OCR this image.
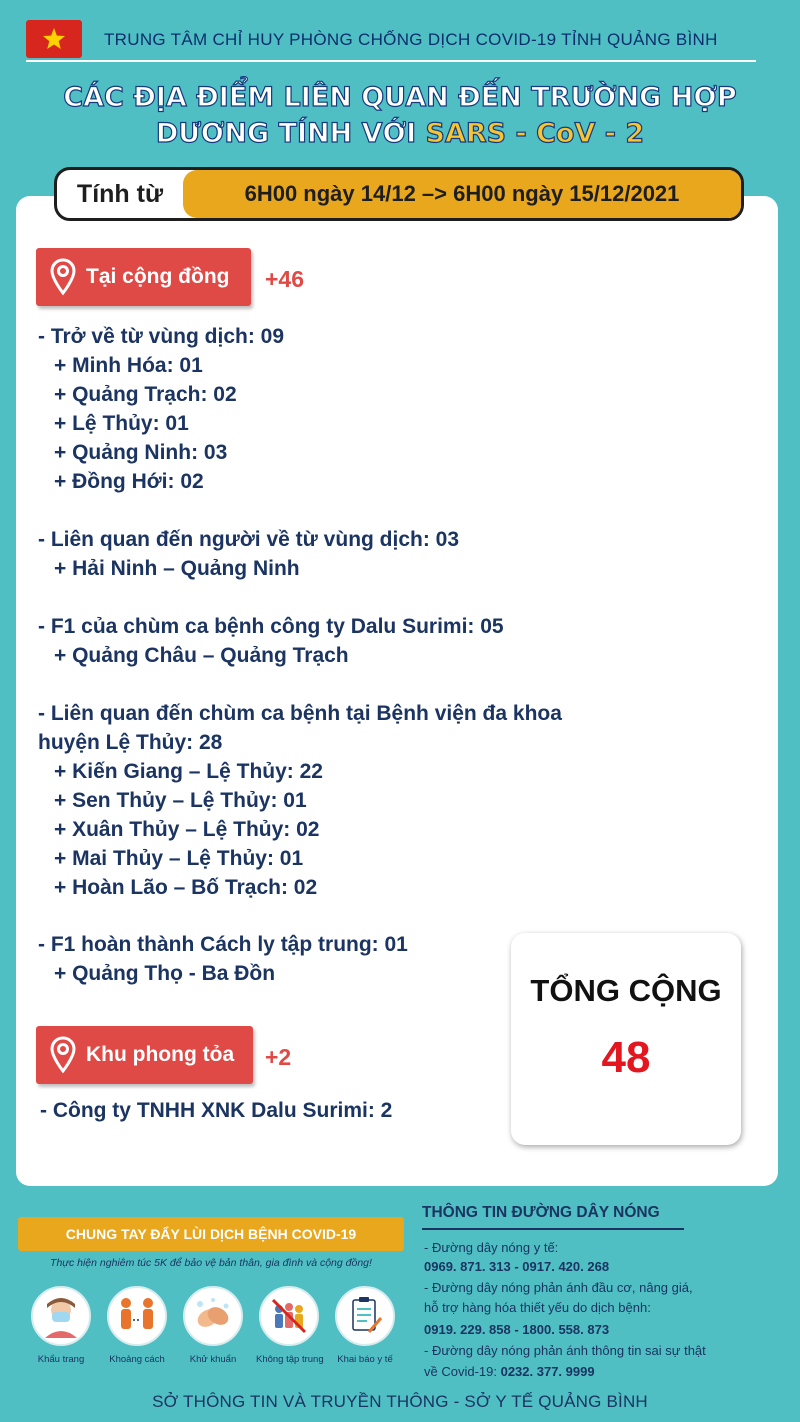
TRUNG TÂM CHỈ HUY PHÒNG CHỐNG DỊCH COVID-19 TỈNH QUẢNG BÌNH
CÁC ĐỊA ĐIỂM LIÊN QUAN ĐẾN TRƯỜNG HỢP
DƯƠNG TÍNH VỚI SARS - CoV - 2
Tính từ	6H00 ngày 14/12 –> 6H00 ngày 15/12/2021
Tại cộng đồng +46
- Trở về từ vùng dịch: 09
+ Minh Hóa: 01
+ Quảng Trạch: 02
+ Lệ Thủy: 01
+ Quảng Ninh: 03
+ Đồng Hới: 02
- Liên quan đến người về từ vùng dịch: 03
+ Hải Ninh – Quảng Ninh
- F1 của chùm ca bệnh công ty Dalu Surimi: 05
+ Quảng Châu – Quảng Trạch
- Liên quan đến chùm ca bệnh tại Bệnh viện đa khoa
huyện Lệ Thủy: 28
+ Kiến Giang – Lệ Thủy: 22
+ Sen Thủy – Lệ Thủy: 01
+ Xuân Thủy – Lệ Thủy: 02
+ Mai Thủy – Lệ Thủy: 01
+ Hoàn Lão – Bố Trạch: 02
- F1 hoàn thành Cách ly tập trung: 01
+ Quảng Thọ - Ba Đồn
Khu phong tỏa +2
- Công ty TNHH XNK Dalu Surimi: 2
TỔNG CỘNG
48
CHUNG TAY ĐẨY LÙI DỊCH BỆNH COVID-19
Thực hiện nghiêm túc 5K để bảo vệ bản thân, gia đình và cộng đồng!
Khẩu trang	Khoảng cách	Khử khuẩn	Không tập trung	Khai báo y tế
THÔNG TIN ĐƯỜNG DÂY NÓNG
- Đường dây nóng y tế:
0969. 871. 313 - 0917. 420. 268
- Đường dây nóng phản ánh đầu cơ, nâng giá,
hỗ trợ hàng hóa thiết yếu do dịch bệnh:
0919. 229. 858 - 1800. 558. 873
- Đường dây nóng phản ánh thông tin sai sự thật
về Covid-19: 0232. 377. 9999
SỞ THÔNG TIN VÀ TRUYỀN THÔNG - SỞ Y TẾ QUẢNG BÌNH
